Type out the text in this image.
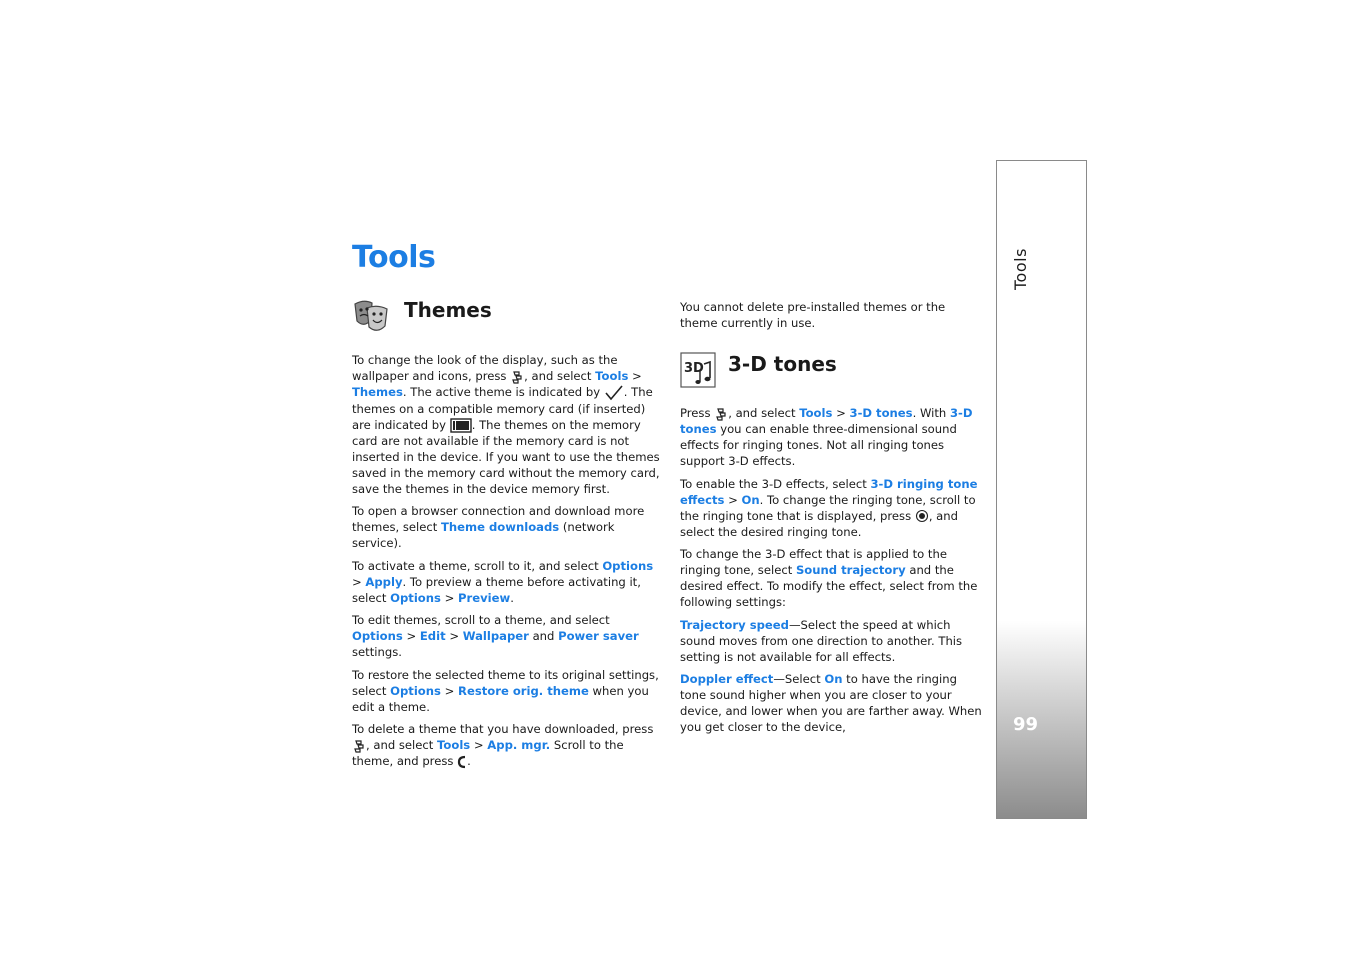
Tools
Themes

To change the look of the display, such as the wallpaper and icons, press , and select Tools > Themes. The active theme is indicated by . The themes on a compatible memory card (if inserted) are indicated by . The themes on the memory card are not available if the memory card is not inserted in the device. If you want to use the themes saved in the memory card without the memory card, save the themes in the device memory first.

To open a browser connection and download more themes, select Theme downloads (network service).

To activate a theme, scroll to it, and select Options > Apply. To preview a theme before activating it, select Options > Preview.

To edit themes, scroll to a theme, and select Options > Edit > Wallpaper and Power saver settings.

To restore the selected theme to its original settings, select Options > Restore orig. theme when you edit a theme.

To delete a theme that you have downloaded, press , and select Tools > App. mgr. Scroll to the theme, and press .

You cannot delete pre-installed themes or the theme currently in use.

3D 3-D tones

Press , and select Tools > 3-D tones. With 3-D tones you can enable three-dimensional sound effects for ringing tones. Not all ringing tones support 3-D effects.

To enable the 3-D effects, select 3-D ringing tone effects > On. To change the ringing tone, scroll to the ringing tone that is displayed, press , and select the desired ringing tone.

To change the 3-D effect that is applied to the ringing tone, select Sound trajectory and the desired effect. To modify the effect, select from the following settings:

Trajectory speed—Select the speed at which sound moves from one direction to another. This setting is not available for all effects.

Doppler effect—Select On to have the ringing tone sound higher when you are closer to your device, and lower when you are farther away. When you get closer to the device,

Tools
99
